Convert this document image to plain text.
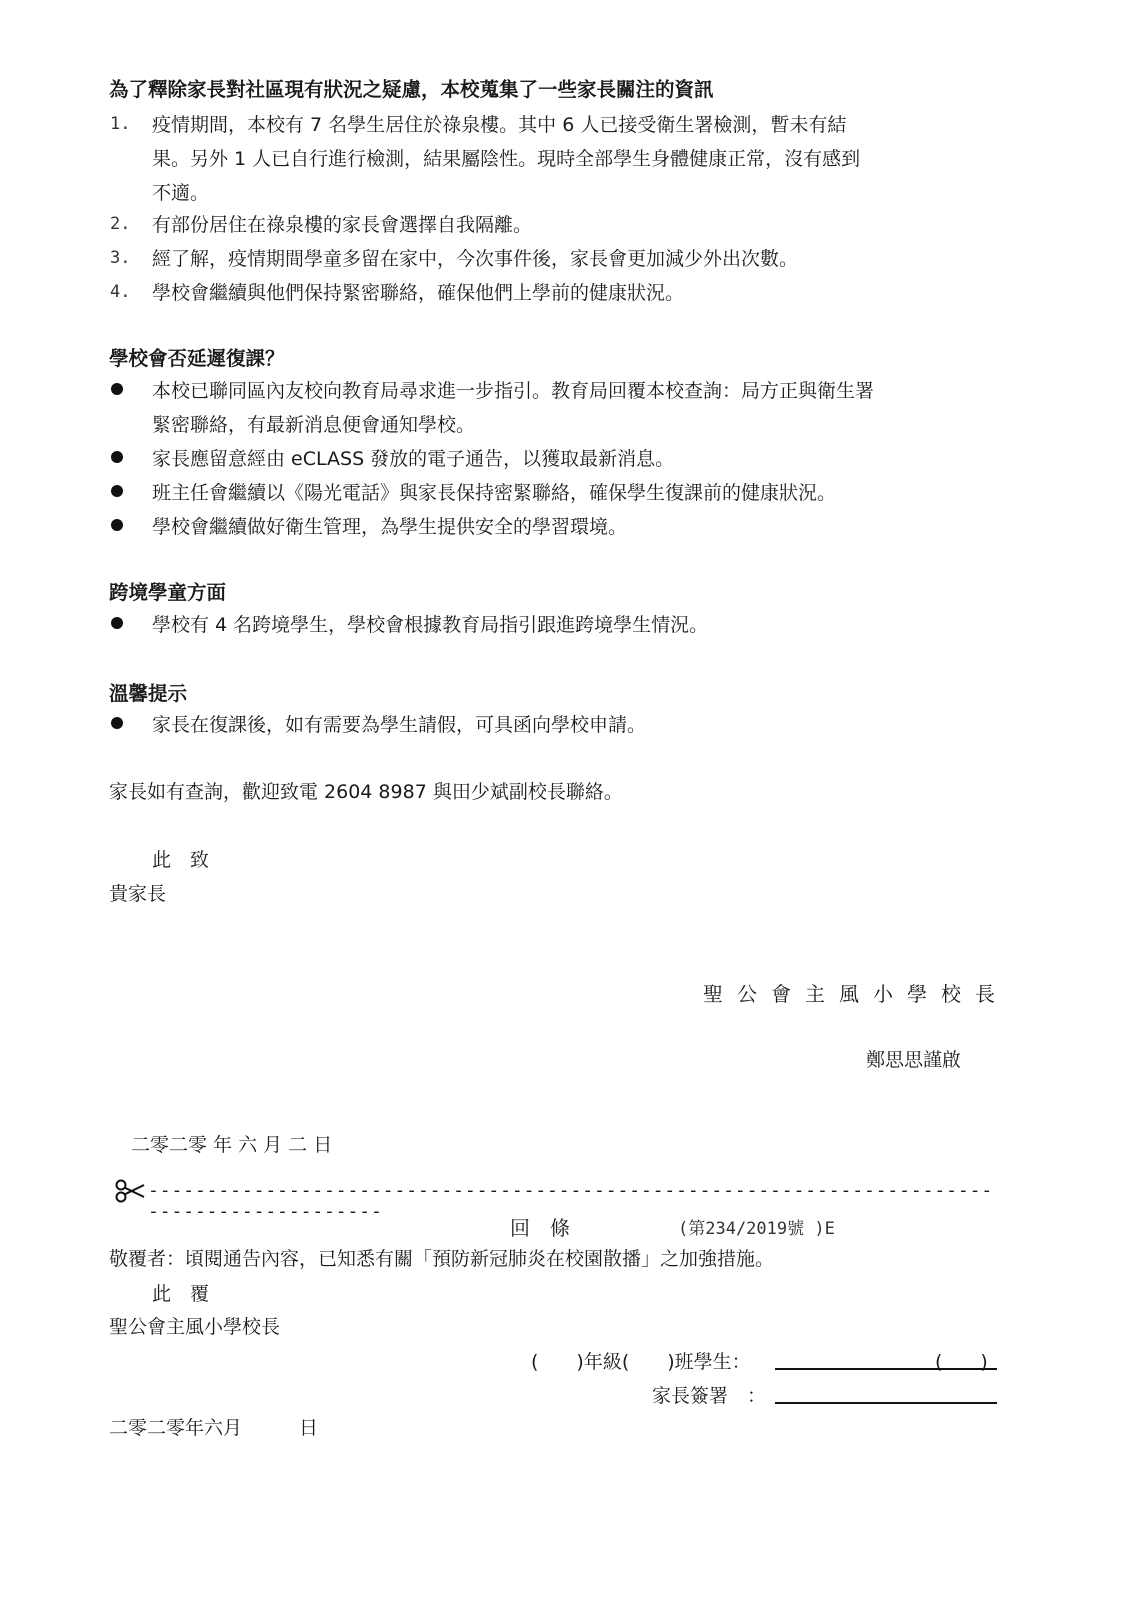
為了釋除家長對社區現有狀況之疑慮，本校蒐集了一些家長關注的資訊
1. 疫情期間，本校有 7 名學生居住於祿泉樓。其中 6 人已接受衛生署檢測，暫未有結
果。另外 1 人已自行進行檢測，結果屬陰性。現時全部學生身體健康正常，沒有感到
不適。
2. 有部份居住在祿泉樓的家長會選擇自我隔離。
3. 經了解，疫情期間學童多留在家中，今次事件後，家長會更加減少外出次數。
4. 學校會繼續與他們保持緊密聯絡，確保他們上學前的健康狀況。
學校會否延遲復課？
本校已聯同區內友校向教育局尋求進一步指引。教育局回覆本校查詢：局方正與衛生署
緊密聯絡，有最新消息便會通知學校。
家長應留意經由 eCLASS 發放的電子通告，以獲取最新消息。
班主任會繼續以《陽光電話》與家長保持密緊聯絡，確保學生復課前的健康狀況。
學校會繼續做好衛生管理，為學生提供安全的學習環境。
跨境學童方面
學校有 4 名跨境學生，學校會根據教育局指引跟進跨境學生情況。
溫馨提示
家長在復課後，如有需要為學生請假，可具函向學校申請。
家長如有查詢，歡迎致電 2604 8987 與田少斌副校長聯絡。
此　致
貴家長
聖公會主風小學校長
鄭思思謹啟
二零二零 年 六 月 二 日
--------------------------------------------------------------------------------------------
回　條	(第234/2019號 )E
敬覆者：頃閱通告內容，已知悉有關「預防新冠肺炎在校園散播」之加強措施。
此　覆
聖公會主風小學校長
(　　)年級(　　)班學生：	(　　)
家長簽署　：
二零二零年六月　　　日
